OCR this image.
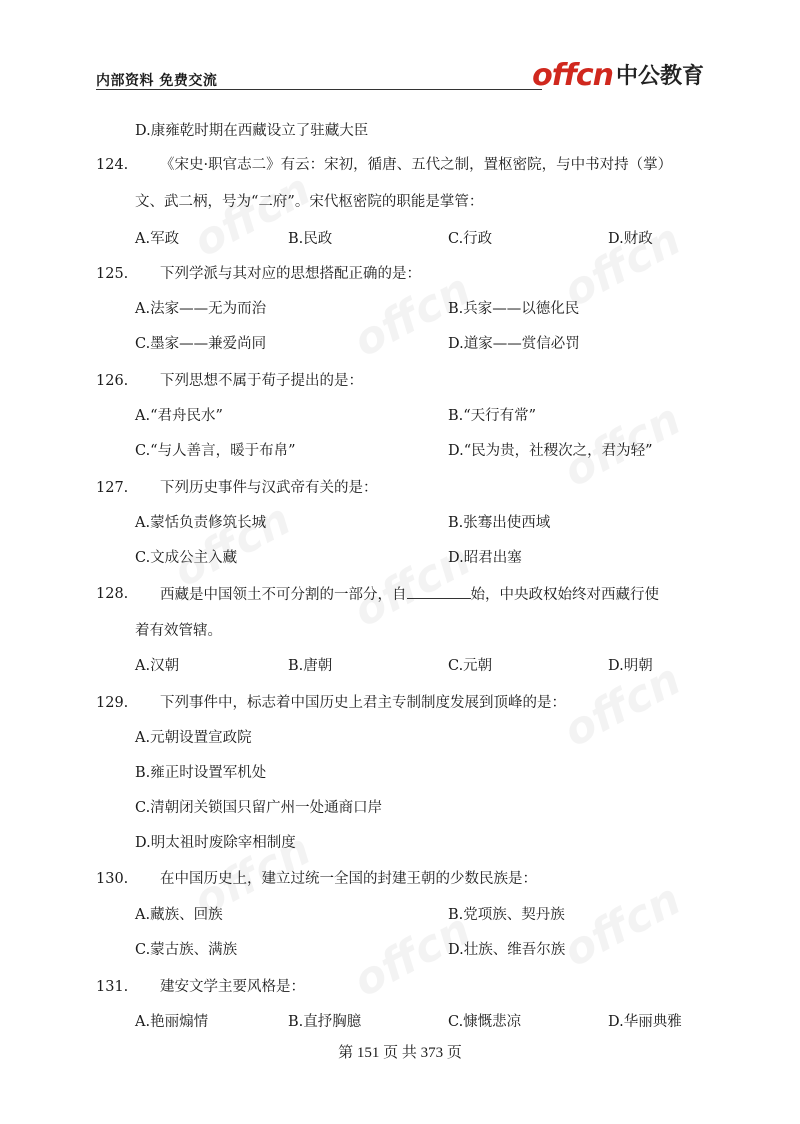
内部资料 免费交流	offcn 中公教育
D.康雍乾时期在西藏设立了驻藏大臣
124. 《宋史·职官志二》有云：宋初，循唐、五代之制，置枢密院，与中书对持（掌）
文、武二柄，号为“二府”。宋代枢密院的职能是掌管：
A.军政	B.民政	C.行政	D.财政
125. 下列学派与其对应的思想搭配正确的是：
A.法家——无为而治	B.兵家——以德化民
C.墨家——兼爱尚同	D.道家——赏信必罚
126. 下列思想不属于荀子提出的是：
A.“君舟民水”	B.“天行有常”
C.“与人善言，暖于布帛”	D.“民为贵，社稷次之，君为轻”
127. 下列历史事件与汉武帝有关的是：
A.蒙恬负责修筑长城	B.张骞出使西域
C.文成公主入藏	D.昭君出塞
128. 西藏是中国领土不可分割的一部分，自	始，中央政权始终对西藏行使
着有效管辖。
A.汉朝	B.唐朝	C.元朝	D.明朝
129. 下列事件中，标志着中国历史上君主专制制度发展到顶峰的是：
A.元朝设置宣政院
B.雍正时设置军机处
C.清朝闭关锁国只留广州一处通商口岸
D.明太祖时废除宰相制度
130. 在中国历史上，建立过统一全国的封建王朝的少数民族是：
A.藏族、回族	B.党项族、契丹族
C.蒙古族、满族	D.壮族、维吾尔族
131. 建安文学主要风格是：
A.艳丽煽情	B.直抒胸臆	C.慷慨悲凉	D.华丽典雅
第 151 页 共 373 页
